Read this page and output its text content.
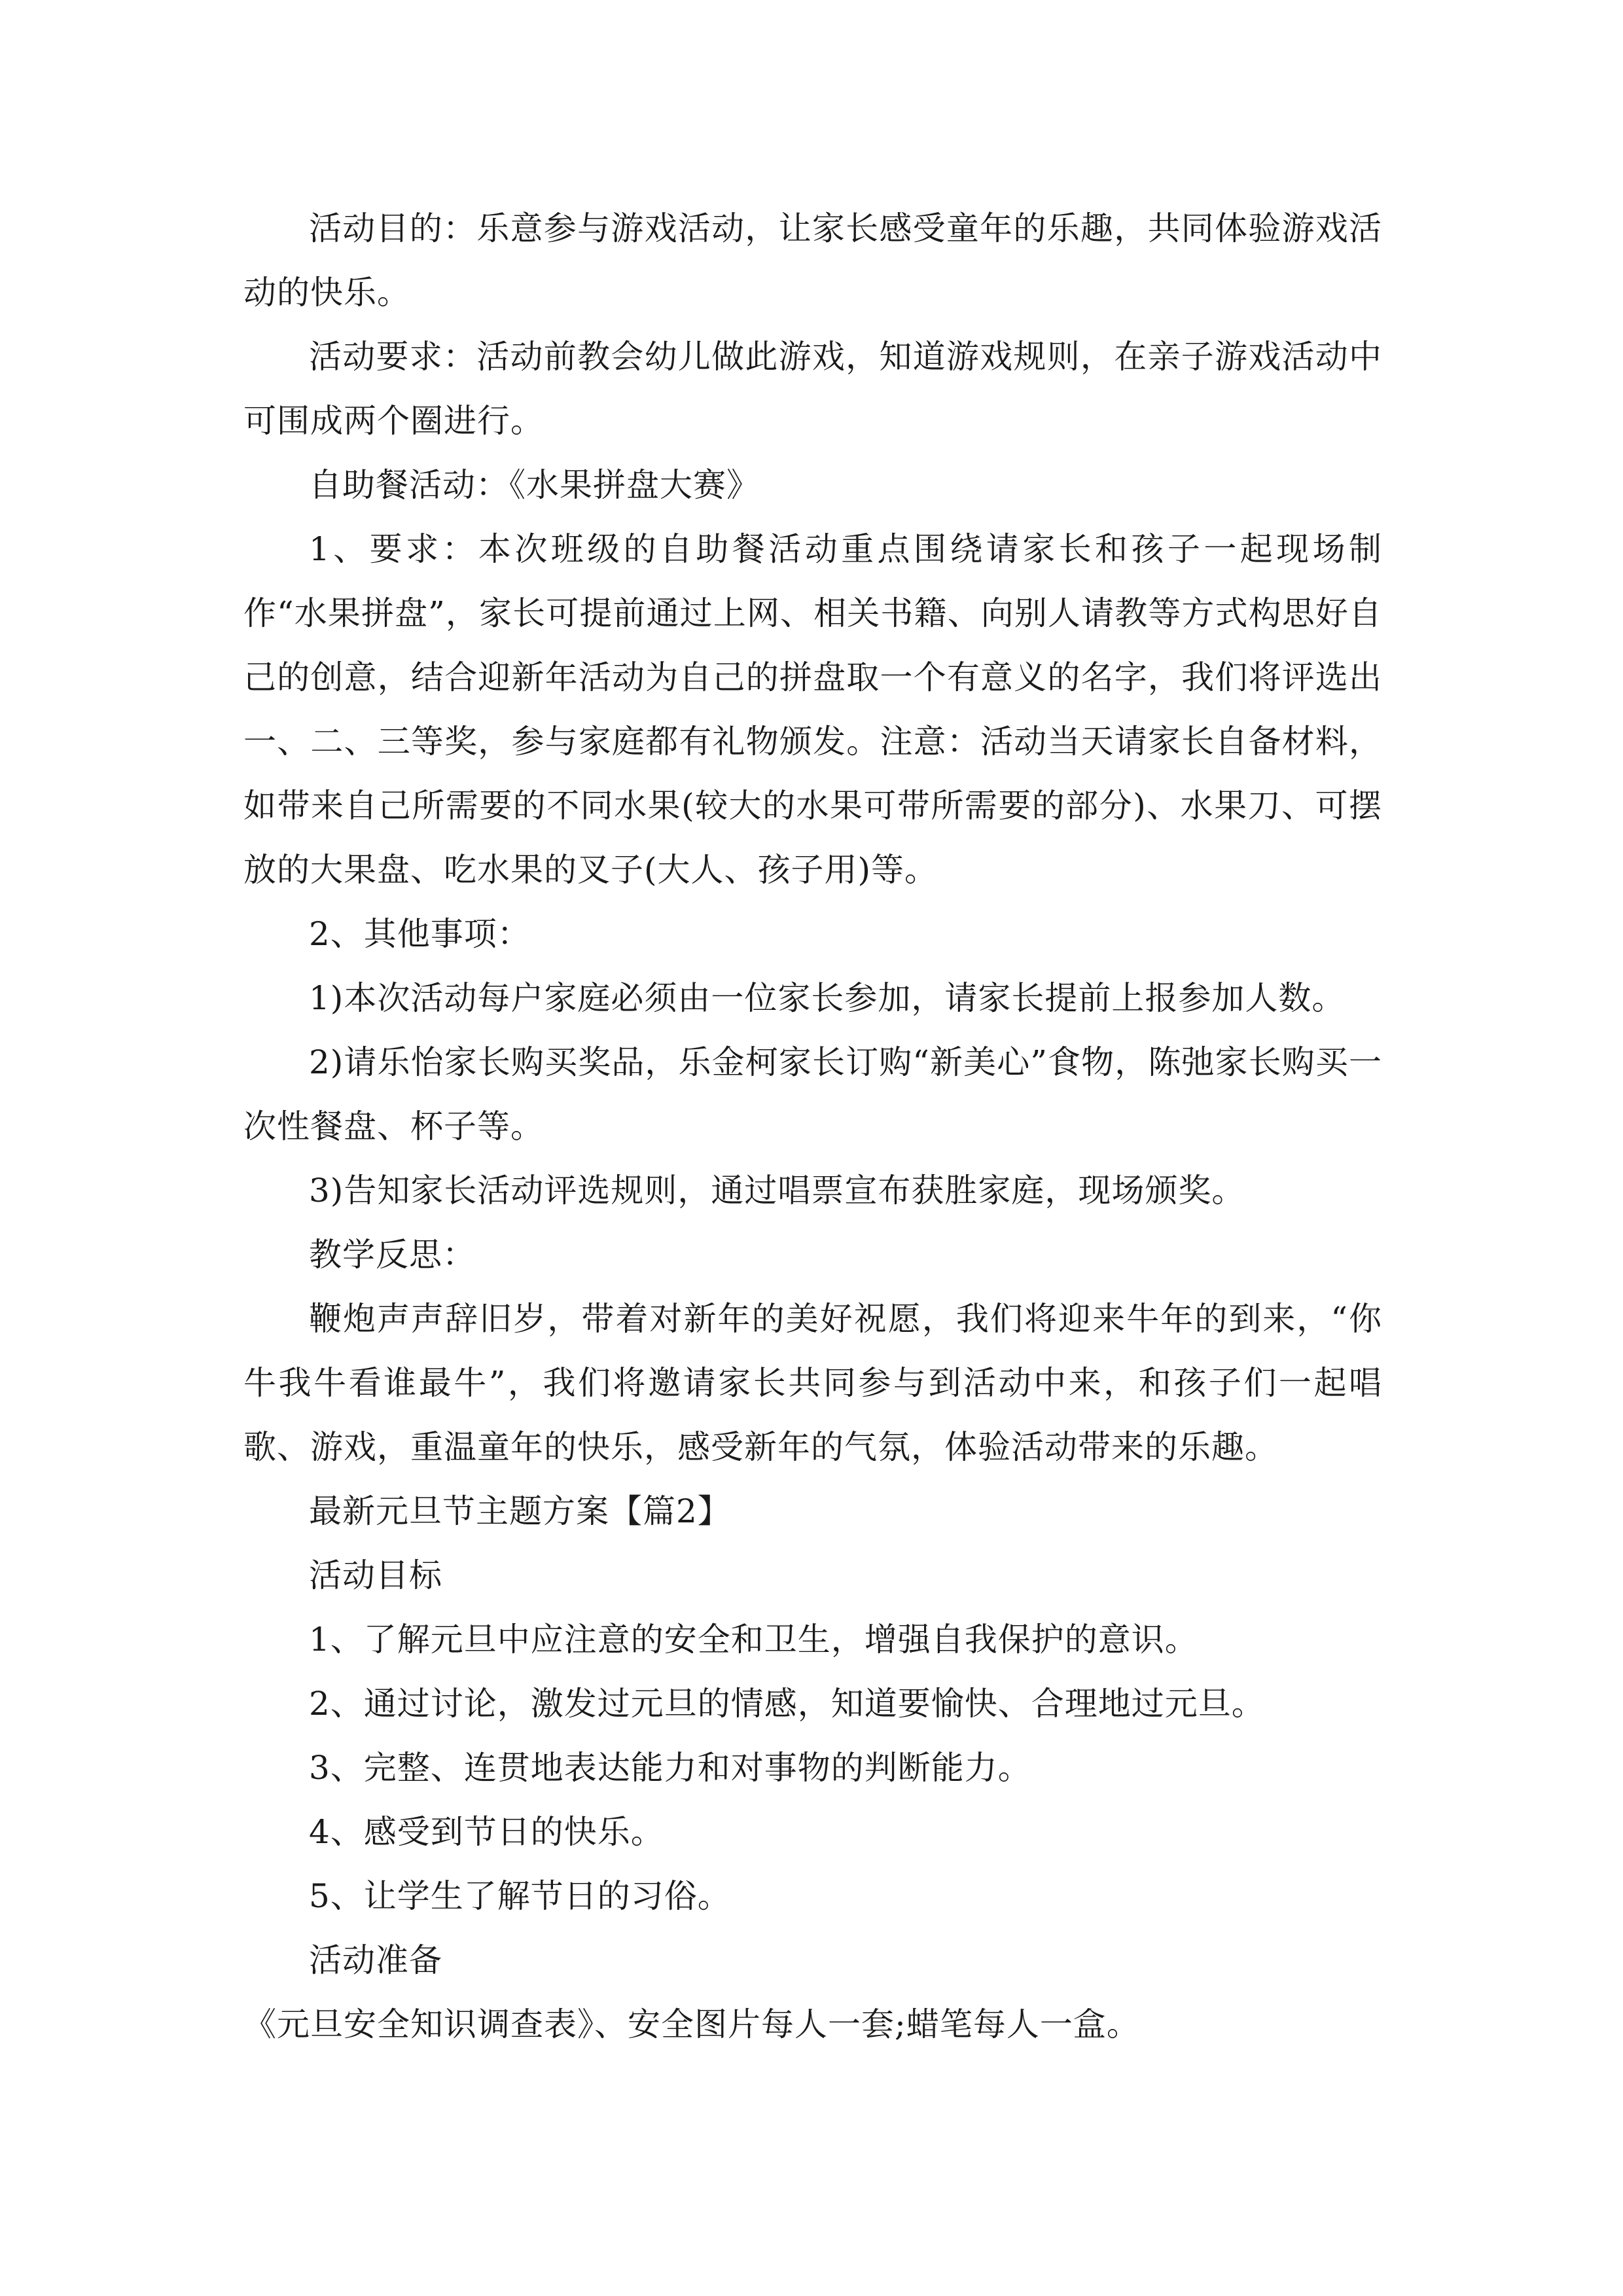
活动目的：乐意参与游戏活动，让家长感受童年的乐趣，共同体验游戏活动的快乐。

活动要求：活动前教会幼儿做此游戏，知道游戏规则，在亲子游戏活动中可围成两个圈进行。

自助餐活动：《水果拼盘大赛》

1、要求：本次班级的自助餐活动重点围绕请家长和孩子一起现场制作“水果拼盘”，家长可提前通过上网、相关书籍、向别人请教等方式构思好自己的创意，结合迎新年活动为自己的拼盘取一个有意义的名字，我们将评选出一、二、三等奖，参与家庭都有礼物颁发。注意：活动当天请家长自备材料，如带来自己所需要的不同水果(较大的水果可带所需要的部分)、水果刀、可摆放的大果盘、吃水果的叉子(大人、孩子用)等。

2、其他事项：

1)本次活动每户家庭必须由一位家长参加，请家长提前上报参加人数。

2)请乐怡家长购买奖品，乐金柯家长订购“新美心”食物，陈弛家长购买一次性餐盘、杯子等。

3)告知家长活动评选规则，通过唱票宣布获胜家庭，现场颁奖。

教学反思：

鞭炮声声辞旧岁，带着对新年的美好祝愿，我们将迎来牛年的到来，“你牛我牛看谁最牛”，我们将邀请家长共同参与到活动中来，和孩子们一起唱歌、游戏，重温童年的快乐，感受新年的气氛，体验活动带来的乐趣。

最新元旦节主题方案【篇2】

活动目标

1、了解元旦中应注意的安全和卫生，增强自我保护的意识。

2、通过讨论，激发过元旦的情感，知道要愉快、合理地过元旦。

3、完整、连贯地表达能力和对事物的判断能力。

4、感受到节日的快乐。

5、让学生了解节日的习俗。

活动准备

《元旦安全知识调查表》、安全图片每人一套;蜡笔每人一盒。
